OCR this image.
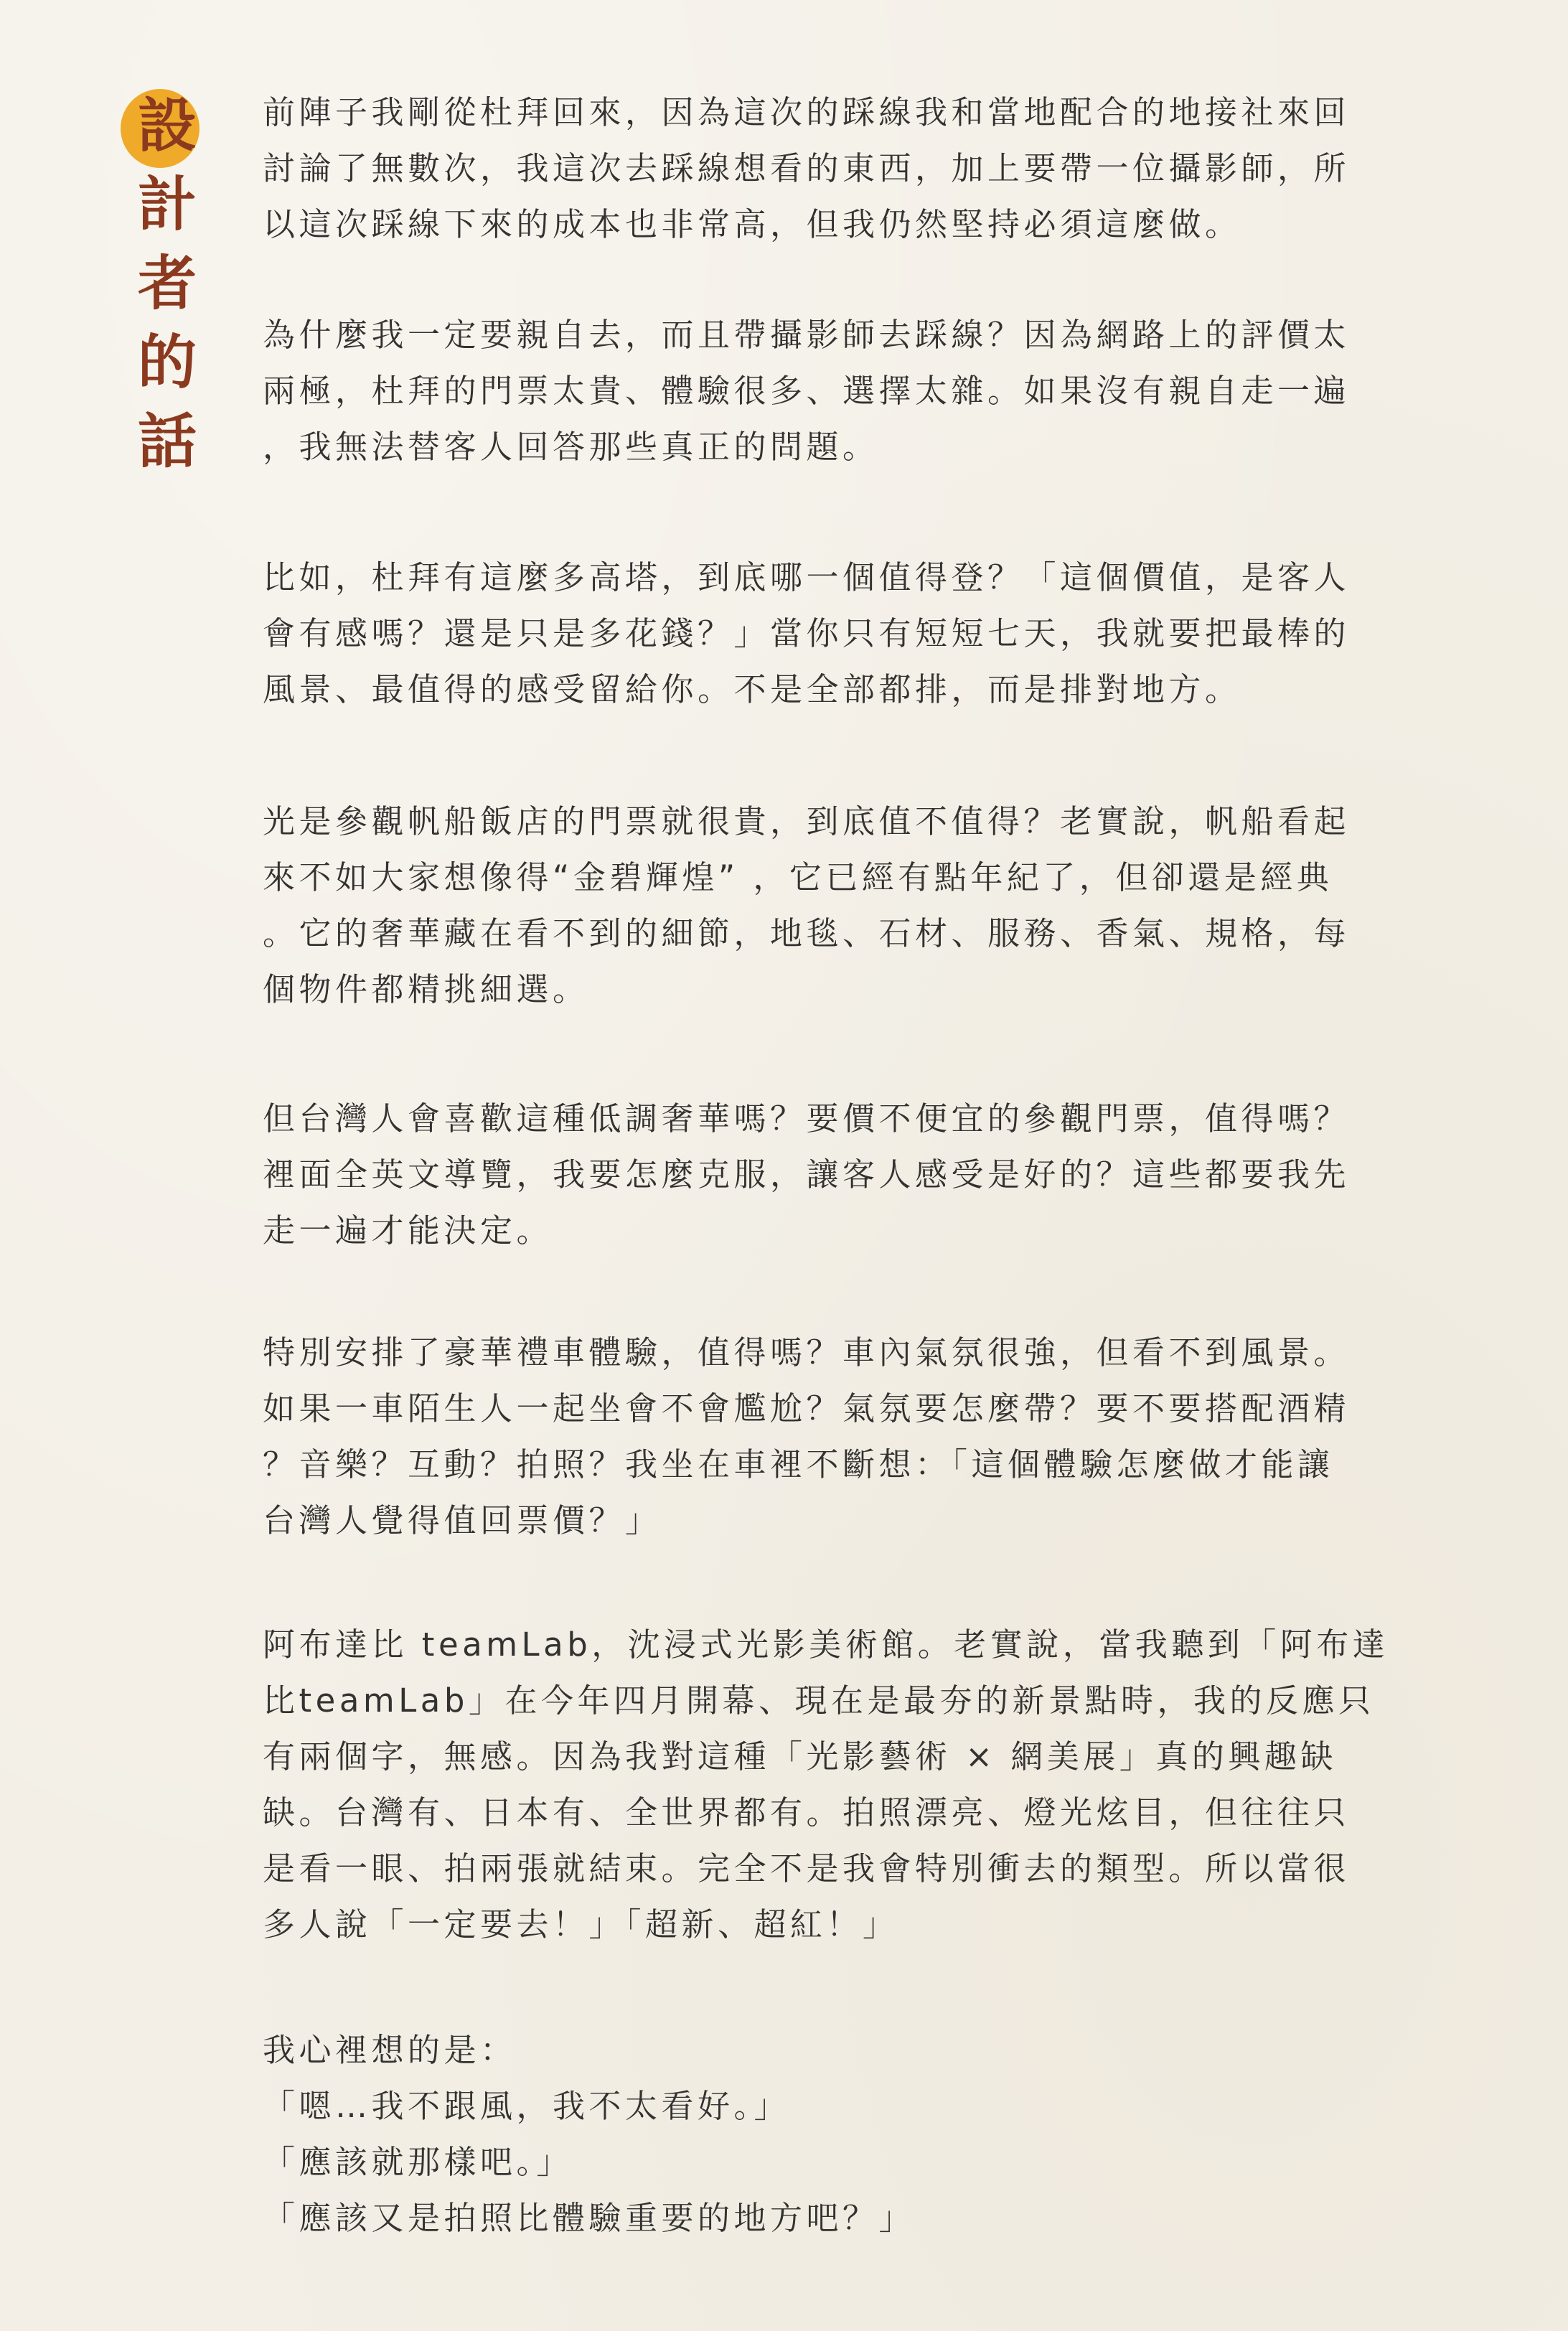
設
計
者
的
話

前陣子我剛從杜拜回來，因為這次的踩線我和當地配合的地接社來回
討論了無數次，我這次去踩線想看的東西，加上要帶一位攝影師，所
以這次踩線下來的成本也非常高，但我仍然堅持必須這麼做。

為什麼我一定要親自去，而且帶攝影師去踩線？因為網路上的評價太
兩極，杜拜的門票太貴、體驗很多、選擇太雜。如果沒有親自走一遍
，我無法替客人回答那些真正的問題。

比如，杜拜有這麼多高塔，到底哪一個值得登？「這個價值，是客人
會有感嗎？還是只是多花錢？」當你只有短短七天，我就要把最棒的
風景、最值得的感受留給你。不是全部都排，而是排對地方。

光是參觀帆船飯店的門票就很貴，到底值不值得？老實說，帆船看起
來不如大家想像得“金碧輝煌” ，它已經有點年紀了，但卻還是經典
。它的奢華藏在看不到的細節，地毯、石材、服務、香氣、規格，每
個物件都精挑細選。

但台灣人會喜歡這種低調奢華嗎？要價不便宜的參觀門票，值得嗎？
裡面全英文導覽，我要怎麼克服，讓客人感受是好的？這些都要我先
走一遍才能決定。

特別安排了豪華禮車體驗，值得嗎？車內氣氛很強，但看不到風景。
如果一車陌生人一起坐會不會尷尬？氣氛要怎麼帶？要不要搭配酒精
？音樂？互動？拍照？我坐在車裡不斷想：「這個體驗怎麼做才能讓
台灣人覺得值回票價？」

阿布達比 teamLab，沈浸式光影美術館。老實說，當我聽到「阿布達
比teamLab」在今年四月開幕、現在是最夯的新景點時，我的反應只
有兩個字，無感。因為我對這種「光影藝術 × 網美展」真的興趣缺
缺。台灣有、日本有、全世界都有。拍照漂亮、燈光炫目，但往往只
是看一眼、拍兩張就結束。完全不是我會特別衝去的類型。所以當很
多人說「一定要去！」「超新、超紅！」

我心裡想的是：
「嗯…我不跟風，我不太看好。」
「應該就那樣吧。」
「應該又是拍照比體驗重要的地方吧？」
